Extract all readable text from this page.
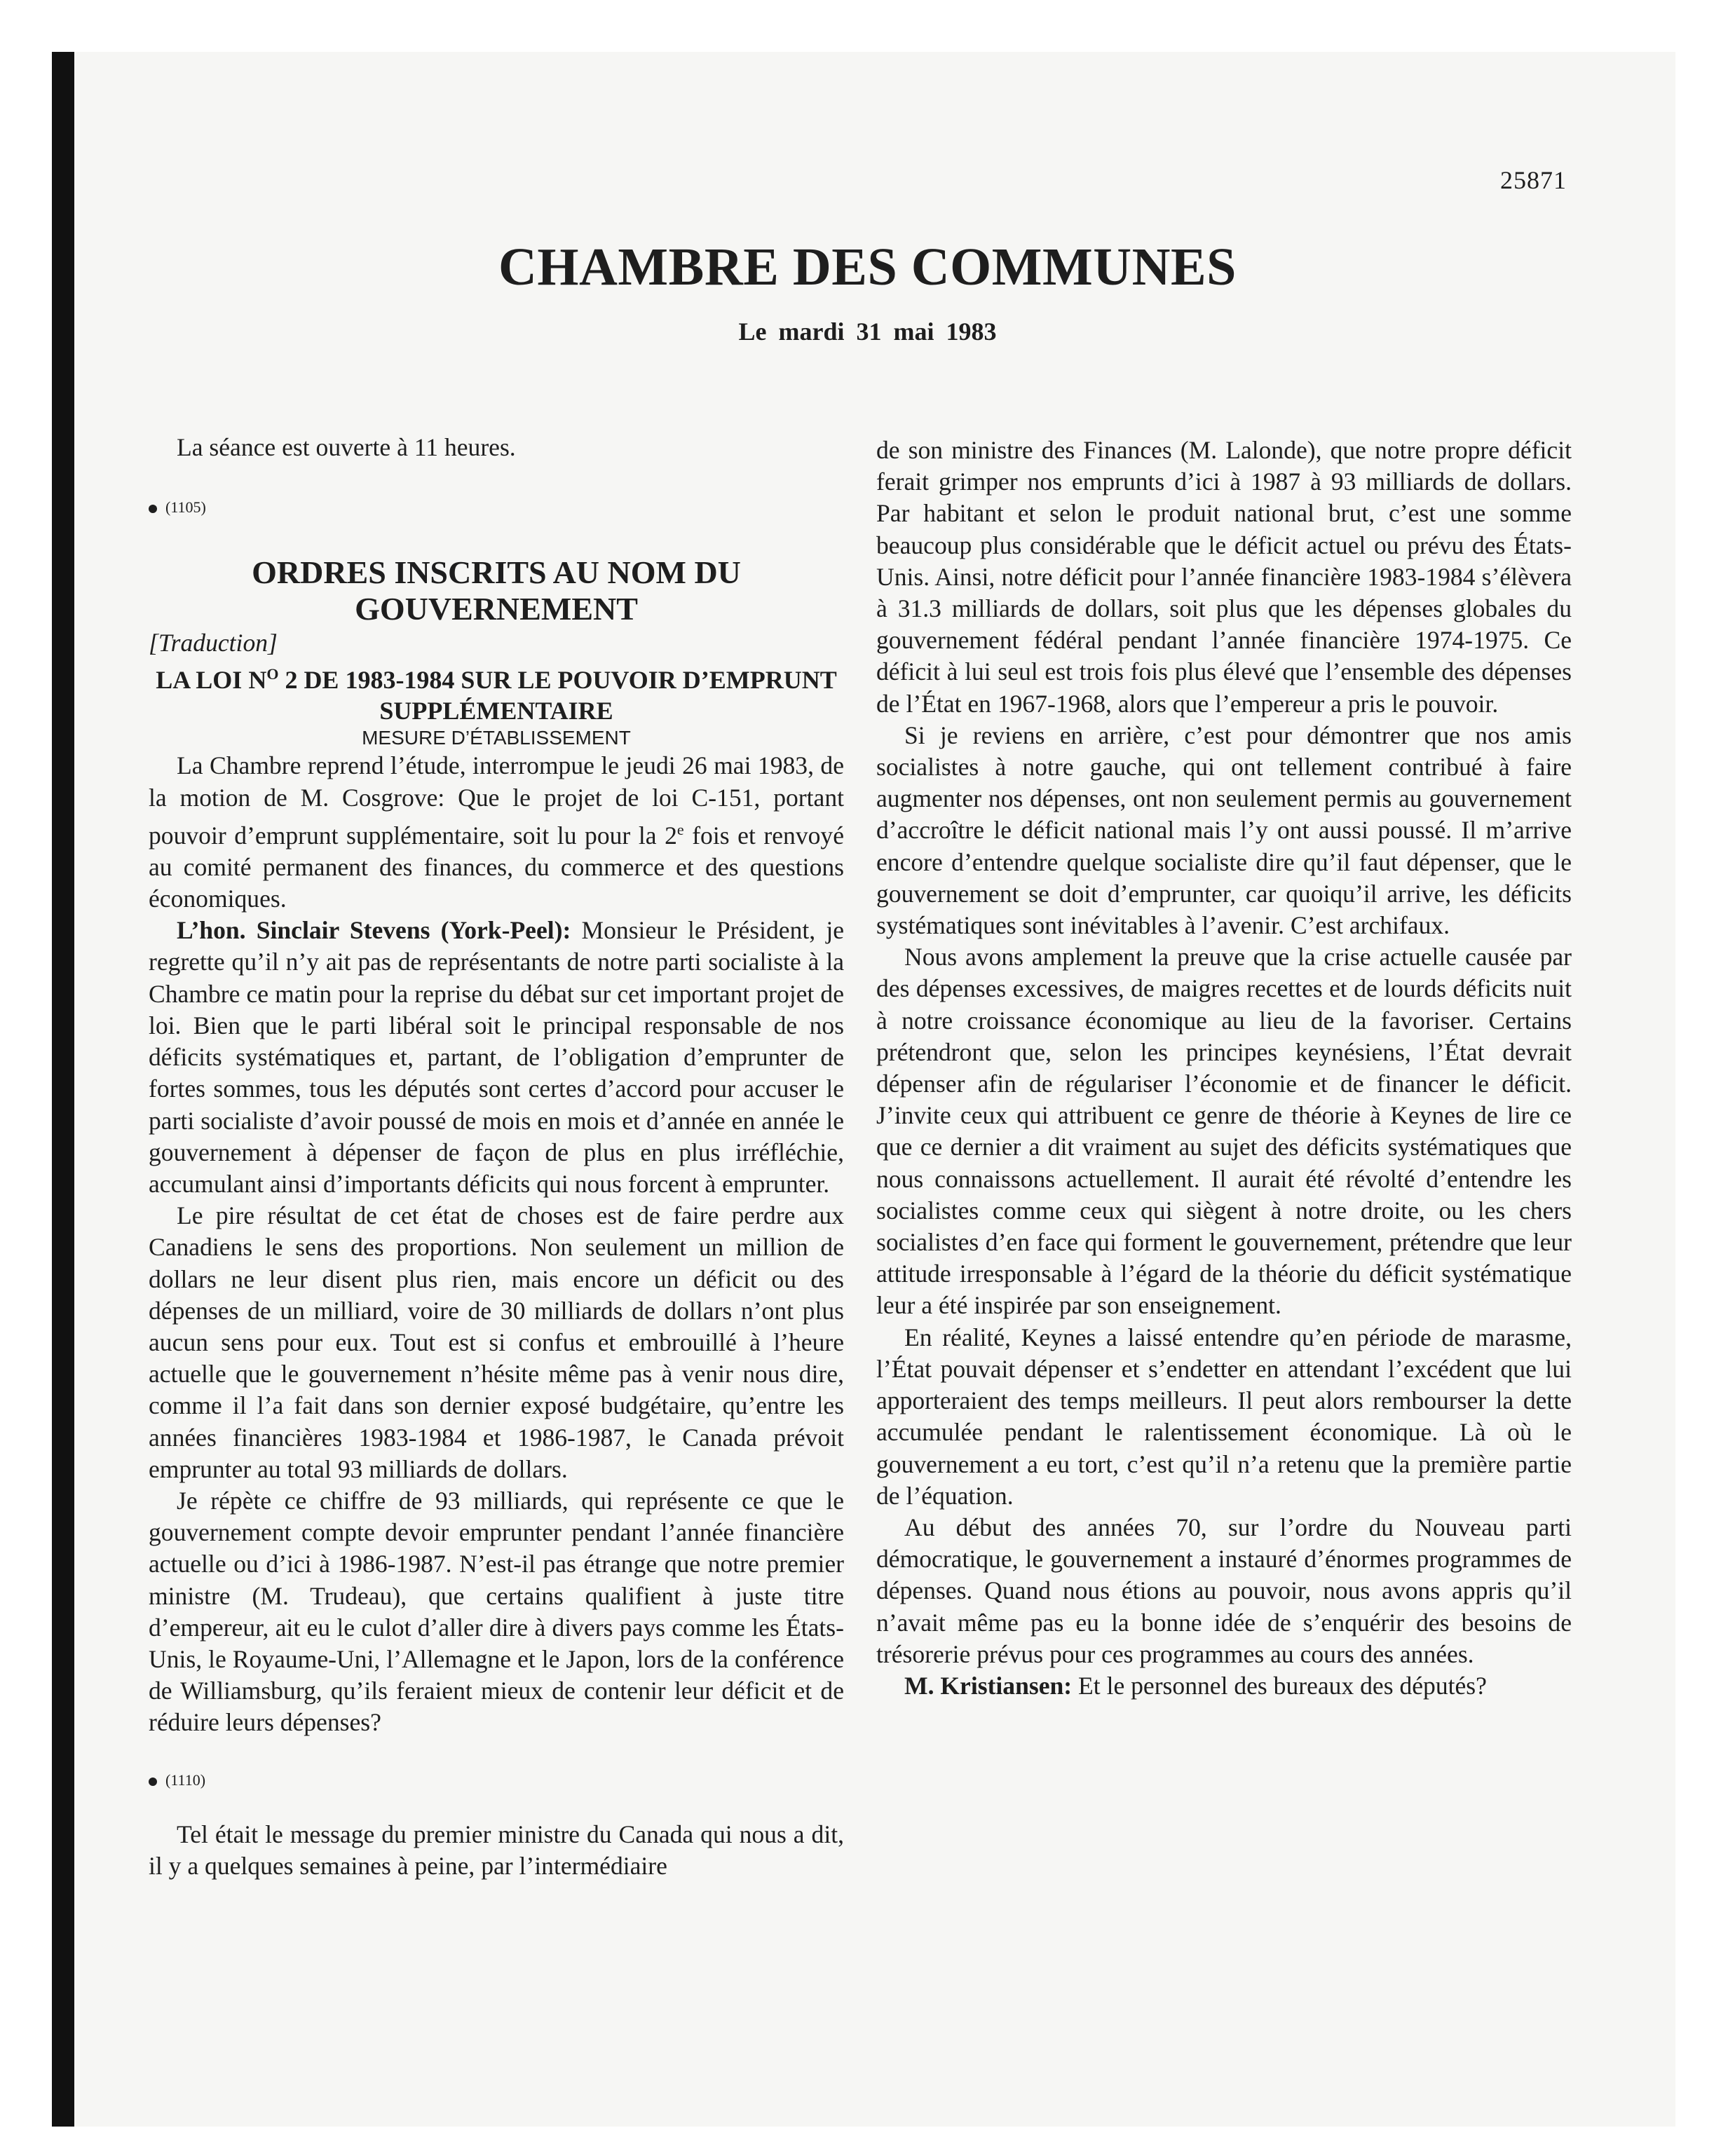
25871
CHAMBRE DES COMMUNES
Le mardi 31 mai 1983

La séance est ouverte à 11 heures.

(1105)

ORDRES INSCRITS AU NOM DU GOUVERNEMENT

[Traduction]

LA LOI $N^O$ 2 DE 1983-1984 SUR LE POUVOIR D’EMPRUNT SUPPLÉMENTAIRE

MESURE D’ÉTABLISSEMENT

La Chambre reprend l’étude, interrompue le jeudi 26 mai 1983, de la motion de M. Cosgrove: Que le projet de loi C-151, portant pouvoir d’emprunt supplémentaire, soit lu pour la 2e fois et renvoyé au comité permanent des finances, du commerce et des questions économiques.

L’hon. Sinclair Stevens (York-Peel): Monsieur le Président, je regrette qu’il n’y ait pas de représentants de notre parti socialiste à la Chambre ce matin pour la reprise du débat sur cet important projet de loi. Bien que le parti libéral soit le principal responsable de nos déficits systématiques et, partant, de l’obligation d’emprunter de fortes sommes, tous les députés sont certes d’accord pour accuser le parti socialiste d’avoir poussé de mois en mois et d’année en année le gouvernement à dépenser de façon de plus en plus irréfléchie, accumulant ainsi d’importants déficits qui nous forcent à emprunter.

Le pire résultat de cet état de choses est de faire perdre aux Canadiens le sens des proportions. Non seulement un million de dollars ne leur disent plus rien, mais encore un déficit ou des dépenses de un milliard, voire de 30 milliards de dollars n’ont plus aucun sens pour eux. Tout est si confus et embrouillé à l’heure actuelle que le gouvernement n’hésite même pas à venir nous dire, comme il l’a fait dans son dernier exposé budgétaire, qu’entre les années financières 1983-1984 et 1986-1987, le Canada prévoit emprunter au total 93 milliards de dollars.

Je répète ce chiffre de 93 milliards, qui représente ce que le gouvernement compte devoir emprunter pendant l’année financière actuelle ou d’ici à 1986-1987. N’est-il pas étrange que notre premier ministre (M. Trudeau), que certains qualifient à juste titre d’empereur, ait eu le culot d’aller dire à divers pays comme les États-Unis, le Royaume-Uni, l’Allemagne et le Japon, lors de la conférence de Williamsburg, qu’ils feraient mieux de contenir leur déficit et de réduire leurs dépenses?

(1110)

Tel était le message du premier ministre du Canada qui nous a dit, il y a quelques semaines à peine, par l’intermédiaire

de son ministre des Finances (M. Lalonde), que notre propre déficit ferait grimper nos emprunts d’ici à 1987 à 93 milliards de dollars. Par habitant et selon le produit national brut, c’est une somme beaucoup plus considérable que le déficit actuel ou prévu des États-Unis. Ainsi, notre déficit pour l’année financière 1983-1984 s’élèvera à 31.3 milliards de dollars, soit plus que les dépenses globales du gouvernement fédéral pendant l’année financière 1974-1975. Ce déficit à lui seul est trois fois plus élevé que l’ensemble des dépenses de l’État en 1967-1968, alors que l’empereur a pris le pouvoir.

Si je reviens en arrière, c’est pour démontrer que nos amis socialistes à notre gauche, qui ont tellement contribué à faire augmenter nos dépenses, ont non seulement permis au gouvernement d’accroître le déficit national mais l’y ont aussi poussé. Il m’arrive encore d’entendre quelque socialiste dire qu’il faut dépenser, que le gouvernement se doit d’emprunter, car quoiqu’il arrive, les déficits systématiques sont inévitables à l’avenir. C’est archifaux.

Nous avons amplement la preuve que la crise actuelle causée par des dépenses excessives, de maigres recettes et de lourds déficits nuit à notre croissance économique au lieu de la favoriser. Certains prétendront que, selon les principes keynésiens, l’État devrait dépenser afin de régulariser l’économie et de financer le déficit. J’invite ceux qui attribuent ce genre de théorie à Keynes de lire ce que ce dernier a dit vraiment au sujet des déficits systématiques que nous connaissons actuellement. Il aurait été révolté d’entendre les socialistes comme ceux qui siègent à notre droite, ou les chers socialistes d’en face qui forment le gouvernement, prétendre que leur attitude irresponsable à l’égard de la théorie du déficit systématique leur a été inspirée par son enseignement.

En réalité, Keynes a laissé entendre qu’en période de marasme, l’État pouvait dépenser et s’endetter en attendant l’excédent que lui apporteraient des temps meilleurs. Il peut alors rembourser la dette accumulée pendant le ralentissement économique. Là où le gouvernement a eu tort, c’est qu’il n’a retenu que la première partie de l’équation.

Au début des années 70, sur l’ordre du Nouveau parti démocratique, le gouvernement a instauré d’énormes programmes de dépenses. Quand nous étions au pouvoir, nous avons appris qu’il n’avait même pas eu la bonne idée de s’enquérir des besoins de trésorerie prévus pour ces programmes au cours des années.

M. Kristiansen: Et le personnel des bureaux des députés?
